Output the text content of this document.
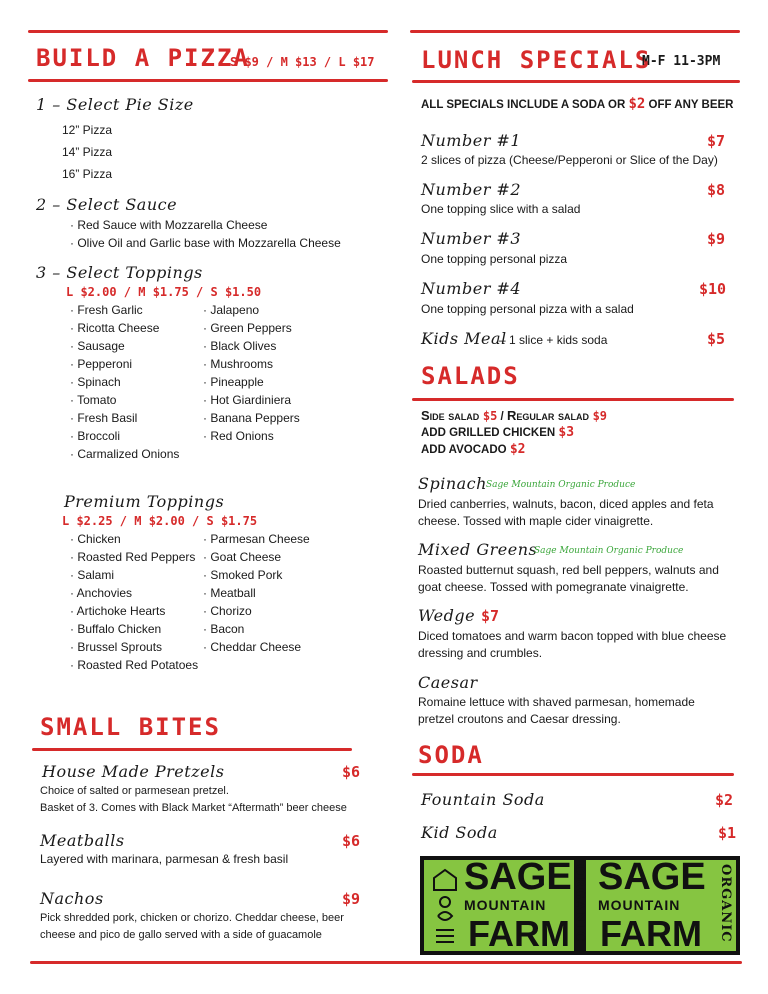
BUILD A PIZZA
S $9 / M $13 / L $17
1 – Select Pie Size
12” Pizza
14” Pizza
16” Pizza
2 – Select Sauce
· Red Sauce with Mozzarella Cheese
· Olive Oil and Garlic base with Mozzarella Cheese
3 – Select Toppings
L $2.00 / M $1.75 / S $1.50
· Fresh Garlic
· Ricotta Cheese
· Sausage
· Pepperoni
· Spinach
· Tomato
· Fresh Basil
· Broccoli
· Carmalized Onions
· Jalapeno
· Green Peppers
· Black Olives
· Mushrooms
· Pineapple
· Hot Giardiniera
· Banana Peppers
· Red Onions
Premium Toppings
L $2.25 / M $2.00 / S $1.75
· Chicken
· Roasted Red Peppers
· Salami
· Anchovies
· Artichoke Hearts
· Buffalo Chicken
· Brussel Sprouts
· Roasted Red Potatoes
· Parmesan Cheese
· Goat Cheese
· Smoked Pork
· Meatball
· Chorizo
· Bacon
· Cheddar Cheese
SMALL BITES
House Made Pretzels	$6
Choice of salted or parmesean pretzel.
Basket of 3. Comes with Black Market “Aftermath” beer cheese
Meatballs	$6
Layered with marinara, parmesan & fresh basil
Nachos	$9
Pick shredded pork, chicken or chorizo. Cheddar cheese, beer
cheese and pico de gallo served with a side of guacamole
LUNCH SPECIALS
M-F 11-3PM
ALL SPECIALS INCLUDE A SODA OR $2 OFF ANY BEER
Number #1	$7
2 slices of pizza (Cheese/Pepperoni or Slice of the Day)
Number #2	$8
One topping slice with a salad
Number #3	$9
One topping personal pizza
Number #4	$10
One topping personal pizza with a salad
Kids Meal
– 1 slice + kids soda	$5
SALADS
Side salad $5 / Regular salad $9
ADD GRILLED CHICKEN $3
ADD AVOCADO $2
Spinach Sage Mountain Organic Produce
Dried canberries, walnuts, bacon, diced apples and feta
cheese. Tossed with maple cider vinaigrette.
Mixed Greens
Sage Mountain Organic Produce
Roasted butternut squash, red bell peppers, walnuts and
goat cheese. Tossed with pomegranate vinaigrette.
Wedge $7
Diced tomatoes and warm bacon topped with blue cheese
dressing and crumbles.
Caesar
Romaine lettuce with shaved parmesan, homemade
pretzel croutons and Caesar dressing.
SODA
Fountain Soda	$2
Kid Soda	$1
SAGE
MOUNTAIN
FARM ORGANIC SAGE
MOUNTAIN
FARM ORGANIC
